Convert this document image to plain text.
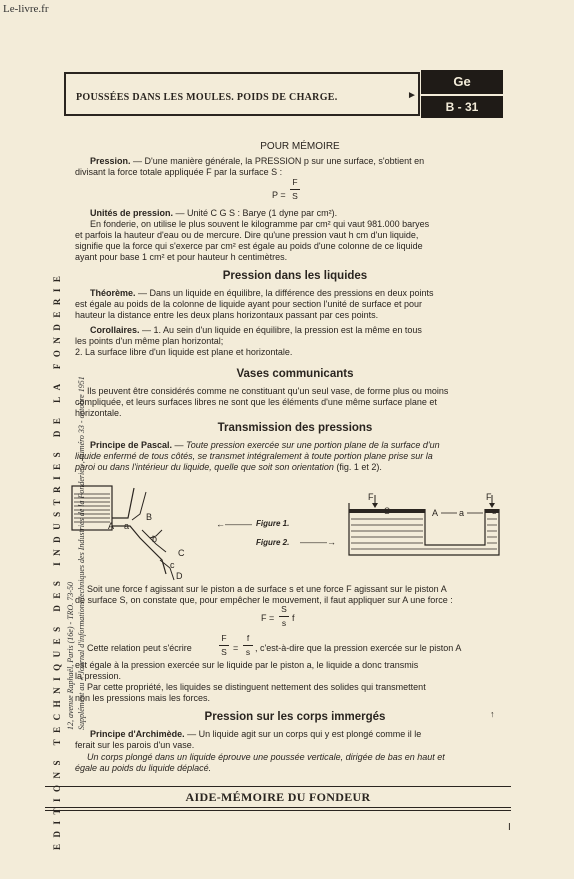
Le-livre.fr
POUSSÉES DANS LES MOULES. POIDS DE CHARGE.	►
Ge
B - 31
EDITIONS TECHNIQUES DES INDUSTRIES DE LA FONDERIE 12, avenue Raphaël, Paris (16e) - TRO. 73-50 Supplément au « Journal d'informations techniques des Industries de la Fonderie », numéro 33 - octobre 1951
POUR MÉMOIRE
Pression. — D'une manière générale, la PRESSION p sur une surface, s'obtient en
divisant la force totale appliquée F par la surface S :
P =
F
S
Unités de pression. — Unité C G S : Barye (1 dyne par cm²).
En fonderie, on utilise le plus souvent le kilogramme par cm² qui vaut 981.000 baryes
et parfois la hauteur d'eau ou de mercure. Dire qu'une pression vaut h cm d'un liquide,
signifie que la force qui s'exerce par cm² est égale au poids d'une colonne de ce liquide
ayant pour base 1 cm² et pour hauteur h centimètres.
Pression dans les liquides
Théorème. — Dans un liquide en équilibre, la différence des pressions en deux points
est égale au poids de la colonne de liquide ayant pour section l'unité de surface et pour
hauteur la distance entre les deux plans horizontaux passant par ces points.
Corollaires. — 1. Au sein d'un liquide en équilibre, la pression est la même en tous
les points d'un même plan horizontal;
2. La surface libre d'un liquide est plane et horizontale.
Vases communicants
Ils peuvent être considérés comme ne constituant qu'un seul vase, de forme plus ou moins
compliquée, et leurs surfaces libres ne sont que les éléments d'une même surface plane et
horizontale.
Transmission des pressions
Principe de Pascal. — Toute pression exercée sur une portion plane de la surface d'un
liquide enfermé de tous côtés, se transmet intégralement à toute portion plane prise sur la
paroi ou dans l'intérieur du liquide, quelle que soit son orientation (fig. 1 et 2).
A a
B
b
C
c
D
←——— Figure 1.
Figure 2. ———→
F
S	A a
F
s
Soit une force f agissant sur le piston a de surface s et une force F agissant sur le piston A
de surface S, on constate que, pour empêcher le mouvement, il faut appliquer sur A une force :
F =
S
s f
Cette relation peut s'écrire
F
S =
f
s , c'est-à-dire que la pression exercée sur le piston A
est égale à la pression exercée sur le liquide par le piston a, le liquide a donc transmis
la pression.
Par cette propriété, les liquides se distinguent nettement des solides qui transmettent
non les pressions mais les forces.
Pression sur les corps immergés	↑
Principe d'Archimède. — Un liquide agit sur un corps qui y est plongé comme il le
ferait sur les parois d'un vase.
Un corps plongé dans un liquide éprouve une poussée verticale, dirigée de bas en haut et
égale au poids du liquide déplacé.
AIDE-MÉMOIRE DU FONDEUR
I
